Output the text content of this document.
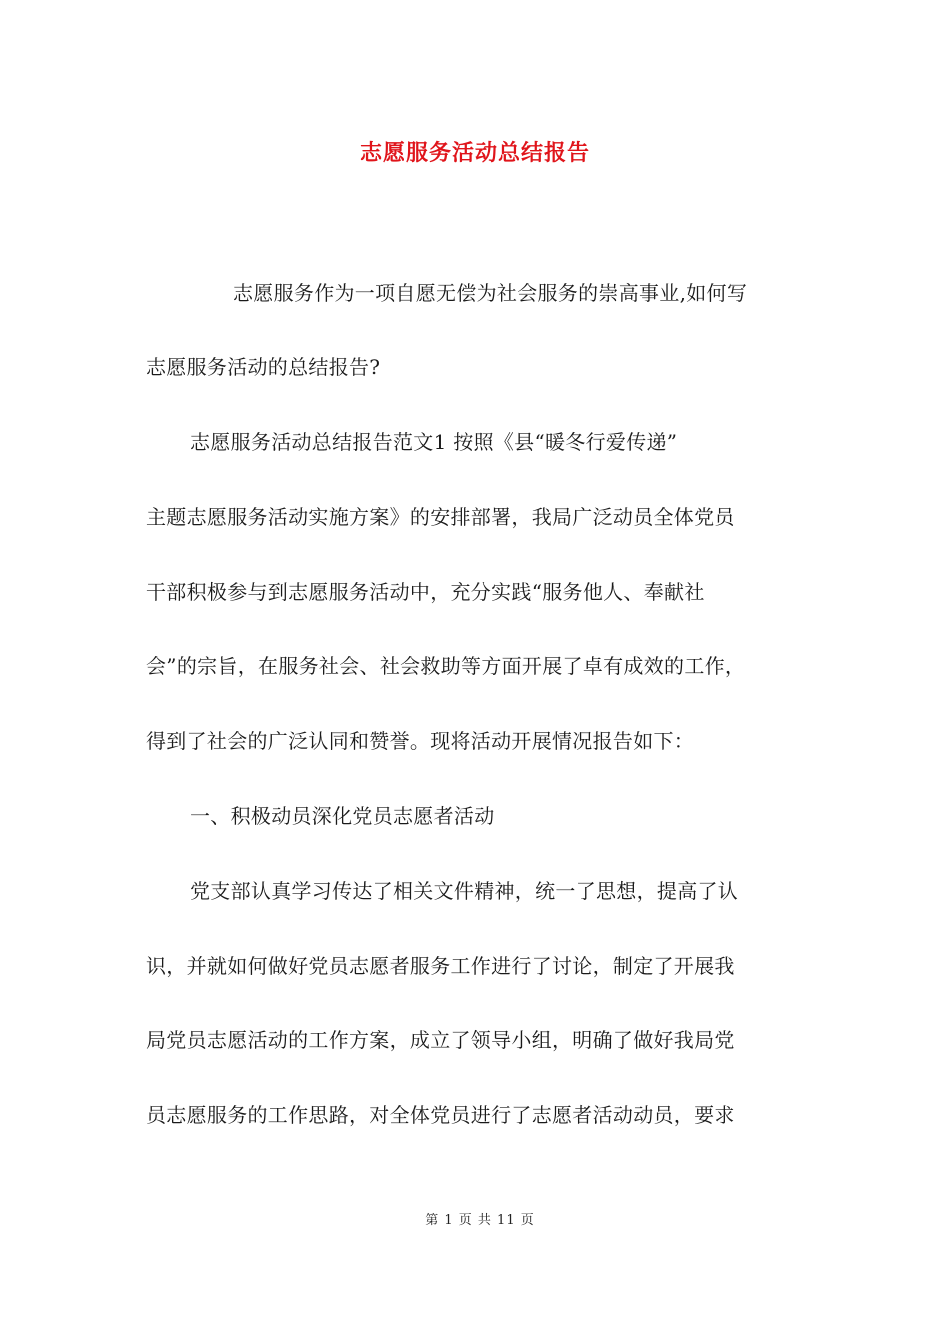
志愿服务活动总结报告
志愿服务作为一项自愿无偿为社会服务的崇高事业,如何写
志愿服务活动的总结报告?
志愿服务活动总结报告范文1 按照《县“暖冬行爱传递”
主题志愿服务活动实施方案》的安排部署，我局广泛动员全体党员
干部积极参与到志愿服务活动中，充分实践“服务他人、奉献社
会”的宗旨，在服务社会、社会救助等方面开展了卓有成效的工作，
得到了社会的广泛认同和赞誉。现将活动开展情况报告如下：
一、积极动员深化党员志愿者活动
党支部认真学习传达了相关文件精神，统一了思想，提高了认
识，并就如何做好党员志愿者服务工作进行了讨论，制定了开展我
局党员志愿活动的工作方案，成立了领导小组，明确了做好我局党
员志愿服务的工作思路，对全体党员进行了志愿者活动动员，要求
第 1 页 共 11 页
